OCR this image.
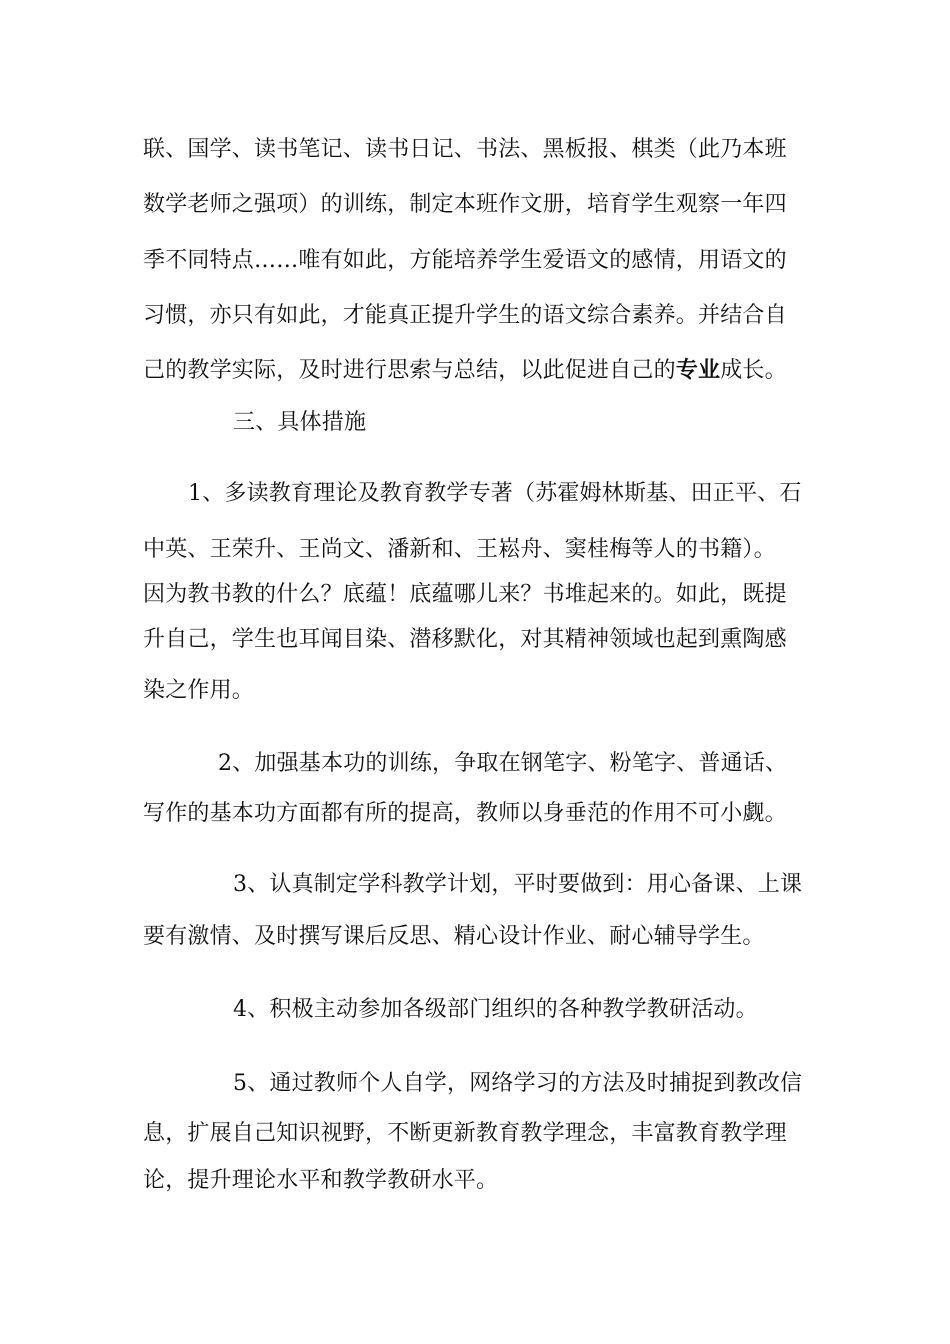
联、国学、读书笔记、读书日记、书法、黑板报、棋类（此乃本班
数学老师之强项）的训练，制定本班作文册，培育学生观察一年四
季不同特点……唯有如此，方能培养学生爱语文的感情，用语文的
习惯，亦只有如此，才能真正提升学生的语文综合素养。并结合自
己的教学实际，及时进行思索与总结，以此促进自己的专业成长。
三、具体措施
1、多读教育理论及教育教学专著（苏霍姆林斯基、田正平、石
中英、王荣升、王尚文、潘新和、王崧舟、窦桂梅等人的书籍）。
因为教书教的什么？底蕴！底蕴哪儿来？书堆起来的。如此，既提
升自己，学生也耳闻目染、潜移默化，对其精神领域也起到熏陶感
染之作用。
2、加强基本功的训练，争取在钢笔字、粉笔字、普通话、
写作的基本功方面都有所的提高，教师以身垂范的作用不可小觑。
3、认真制定学科教学计划，平时要做到：用心备课、上课
要有激情、及时撰写课后反思、精心设计作业、耐心辅导学生。
4、积极主动参加各级部门组织的各种教学教研活动。
5、通过教师个人自学，网络学习的方法及时捕捉到教改信
息，扩展自己知识视野，不断更新教育教学理念，丰富教育教学理
论，提升理论水平和教学教研水平。
